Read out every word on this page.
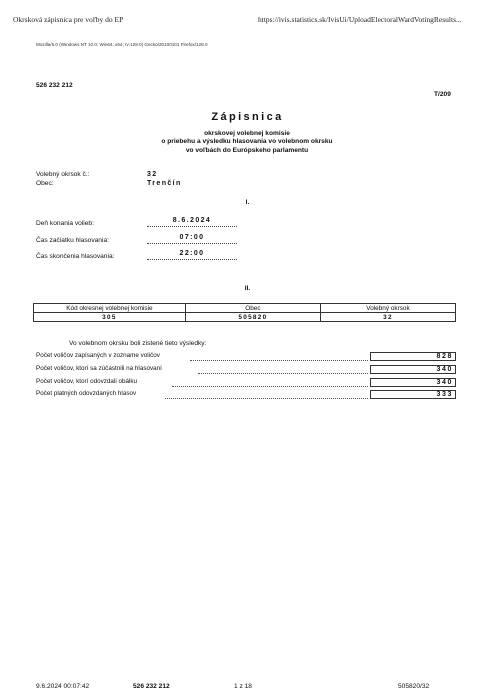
Okrsková zápisnica pre voľby do EP	https://ivis.statistics.sk/IvisUi/UploadElectoralWardVotingResults...
Mozilla/5.0 (Windows NT 10.0; Win64; x64; rv:128.0) Gecko/20100101 Firefox/128.0
526 232 212
T/209
Zápisnica
okrskovej volebnej komisie
o priebehu a výsledku hlasovania vo volebnom okrsku
vo voľbách do Európskeho parlamentu
Volebný okrsok č.:	32
Obec:	Trenčín
I.
Deň konania volieb:	8.6.2024
Čas začiatku hlasovania:	07:00
Čas skončenia hlasovania:	22:00
II.
Kód okresnej volebnej komisie	Obec	Volebný okrsok
305	505820	32
Vo volebnom okrsku boli zistené tieto výsledky:
Počet voličov zapísaných v zozname voličov	828
Počet voličov, ktorí sa zúčastnili na hlasovaní	340
Počet voličov, ktorí odovzdali obálku	340
Počet platných odovzdaných hlasov	333
9.6.2024 00:07:42	526 232 212	1 z 18	505820/32
